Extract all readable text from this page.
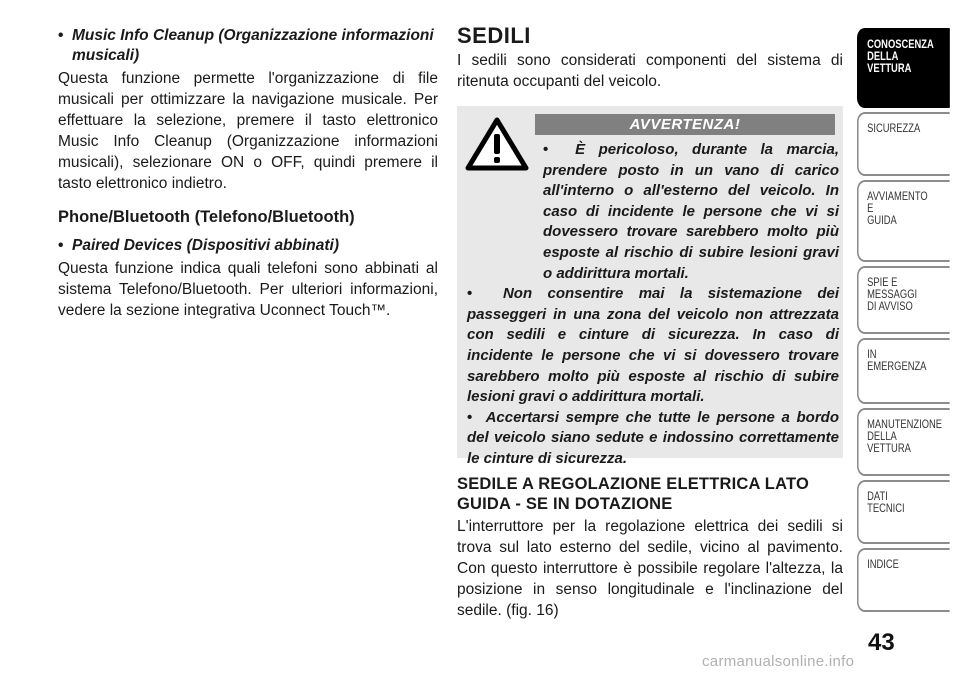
• Music Info Cleanup (Organizzazione informazioni musicali)

Questa funzione permette l'organizzazione di file musicali per ottimizzare la navigazione musicale. Per effettuare la selezione, premere il tasto elettronico Music Info Cleanup (Organizzazione informazioni musicali), selezionare ON o OFF, quindi premere il tasto elettronico indietro.

Phone/Bluetooth (Telefono/Bluetooth)
• Paired Devices (Dispositivi abbinati)

Questa funzione indica quali telefoni sono abbinati al sistema Telefono/Bluetooth. Per ulteriori informazioni, vedere la sezione integrativa Uconnect Touch™.

SEDILI

I sedili sono considerati componenti del sistema di ritenuta occupanti del veicolo.

AVVERTENZA!

•  È pericoloso, durante la marcia, prendere posto in un vano di carico all'interno o all'esterno del veicolo. In caso di incidente le persone che vi si dovessero trovare sarebbero molto più esposte al rischio di subire lesioni gravi o addirittura mortali.

•  Non consentire mai la sistemazione dei passeggeri in una zona del veicolo non attrezzata con sedili e cinture di sicurezza. In caso di incidente le persone che vi si dovessero trovare sarebbero molto più esposte al rischio di subire lesioni gravi o addirittura mortali.

•  Accertarsi sempre che tutte le persone a bordo del veicolo siano sedute e indossino correttamente le cinture di sicurezza.

SEDILE A REGOLAZIONE ELETTRICA LATO GUIDA - SE IN DOTAZIONE

L'interruttore per la regolazione elettrica dei sedili si trova sul lato esterno del sedile, vicino al pavimento. Con questo interruttore è possibile regolare l'altezza, la posizione in senso longitudinale e l'inclinazione del sedile. (fig. 16)

CONOSCENZA
DELLA
VETTURA
SICUREZZA
AVVIAMENTO
E
GUIDA
SPIE E
MESSAGGI
DI AVVISO
IN
EMERGENZA
MANUTENZIONE
DELLA
VETTURA
DATI
TECNICI
INDICE
43
carmanualsonline.info
